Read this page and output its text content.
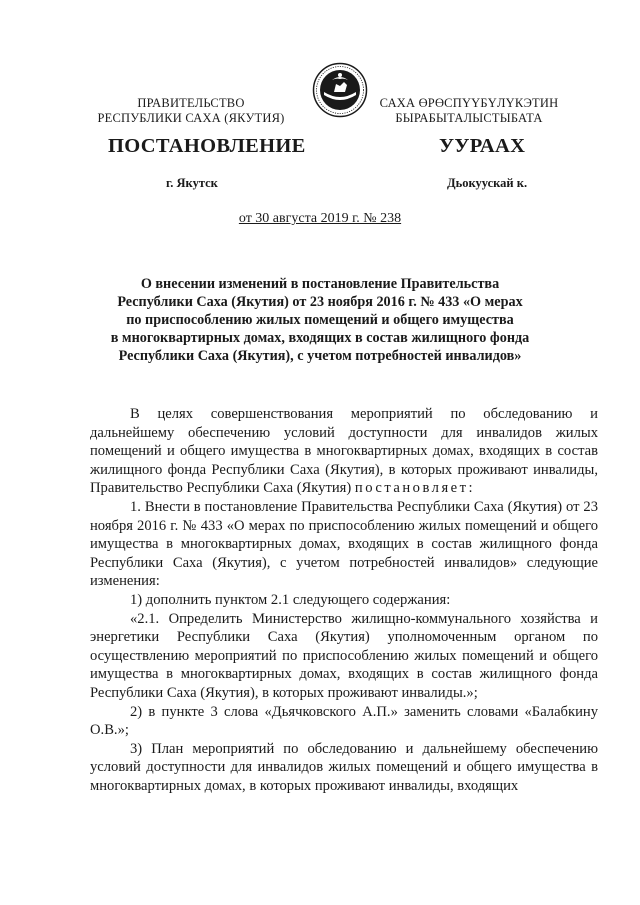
ПРАВИТЕЛЬСТВО
РЕСПУБЛИКИ САХА (ЯКУТИЯ)
САХА ӨРӨСПҮҮБҮЛҮКЭТИН
БЫРАБЫТАЛЫСТЫБАТА
ПОСТАНОВЛЕНИЕ	УУРААХ
г. Якутск	Дьокуускай к.
от 30 августа 2019 г. № 238
О внесении изменений в постановление Правительства
Республики Саха (Якутия) от 23 ноября 2016 г. № 433 «О мерах
по приспособлению жилых помещений и общего имущества
в многоквартирных домах, входящих в состав жилищного фонда
Республики Саха (Якутия), с учетом потребностей инвалидов»

В целях совершенствования мероприятий по обследованию и дальнейшему обеспечению условий доступности для инвалидов жилых помещений и общего имущества в многоквартирных домах, входящих в состав жилищного фонда Республики Саха (Якутия), в которых проживают инвалиды, Правительство Республики Саха (Якутия) постановляет:

1. Внести в постановление Правительства Республики Саха (Якутия) от 23 ноября 2016 г. № 433 «О мерах по приспособлению жилых помещений и общего имущества в многоквартирных домах, входящих в состав жилищного фонда Республики Саха (Якутия), с учетом потребностей инвалидов» следующие изменения:

1) дополнить пунктом 2.1 следующего содержания:

«2.1. Определить Министерство жилищно-коммунального хозяйства и энергетики Республики Саха (Якутия) уполномоченным органом по осуществлению мероприятий по приспособлению жилых помещений и общего имущества в многоквартирных домах, входящих в состав жилищного фонда Республики Саха (Якутия), в которых проживают инвалиды.»;

2) в пункте 3 слова «Дьячковского А.П.» заменить словами «Балабкину О.В.»;

3) План мероприятий по обследованию и дальнейшему обеспечению условий доступности для инвалидов жилых помещений и общего имущества в многоквартирных домах, в которых проживают инвалиды, входящих
